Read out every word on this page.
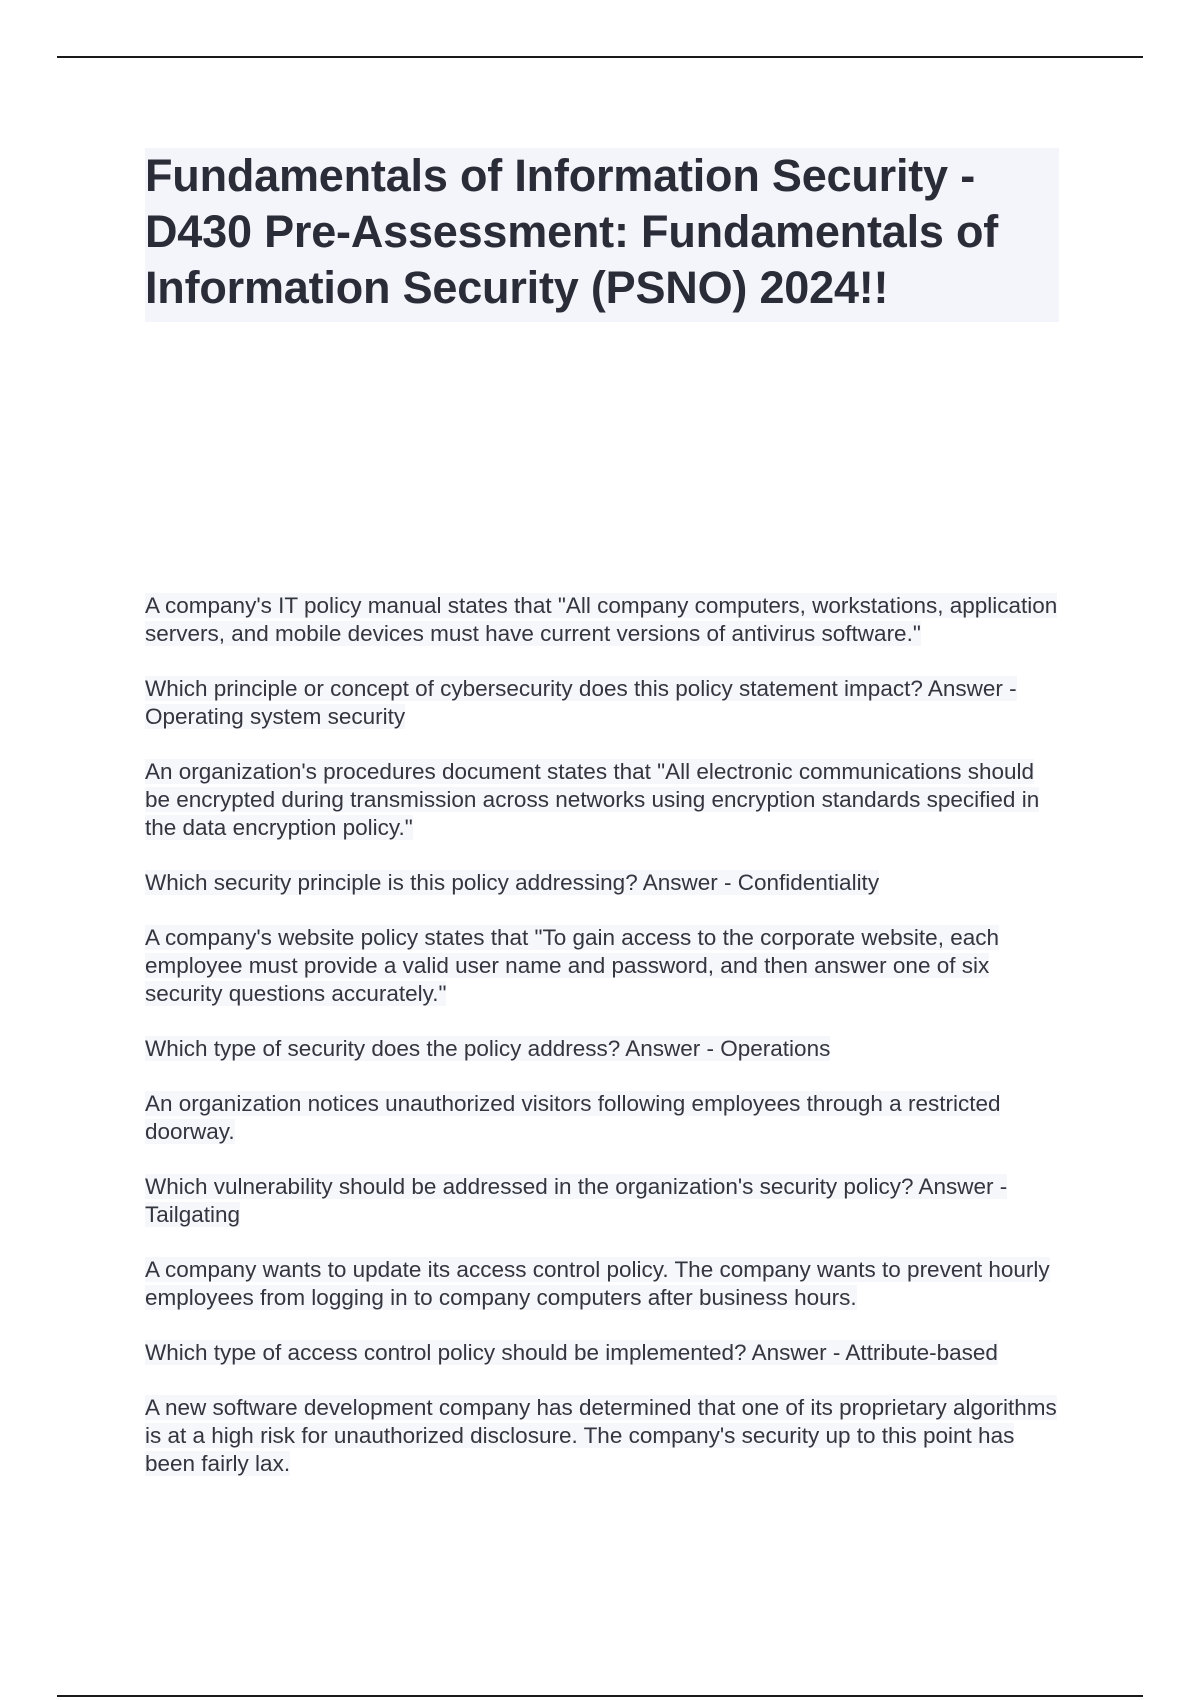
Fundamentals of Information Security - D430 Pre-Assessment: Fundamentals of Information Security (PSNO) 2024!!

A company's IT policy manual states that "All company computers, workstations, application servers, and mobile devices must have current versions of antivirus software."

Which principle or concept of cybersecurity does this policy statement impact? Answer - Operating system security

An organization's procedures document states that "All electronic communications should be encrypted during transmission across networks using encryption standards specified in the data encryption policy."

Which security principle is this policy addressing? Answer - Confidentiality

A company's website policy states that "To gain access to the corporate website, each employee must provide a valid user name and password, and then answer one of six security questions accurately."

Which type of security does the policy address? Answer - Operations

An organization notices unauthorized visitors following employees through a restricted doorway.

Which vulnerability should be addressed in the organization's security policy? Answer - Tailgating

A company wants to update its access control policy. The company wants to prevent hourly employees from logging in to company computers after business hours.

Which type of access control policy should be implemented? Answer - Attribute-based

A new software development company has determined that one of its proprietary algorithms is at a high risk for unauthorized disclosure. The company's security up to this point has been fairly lax.
